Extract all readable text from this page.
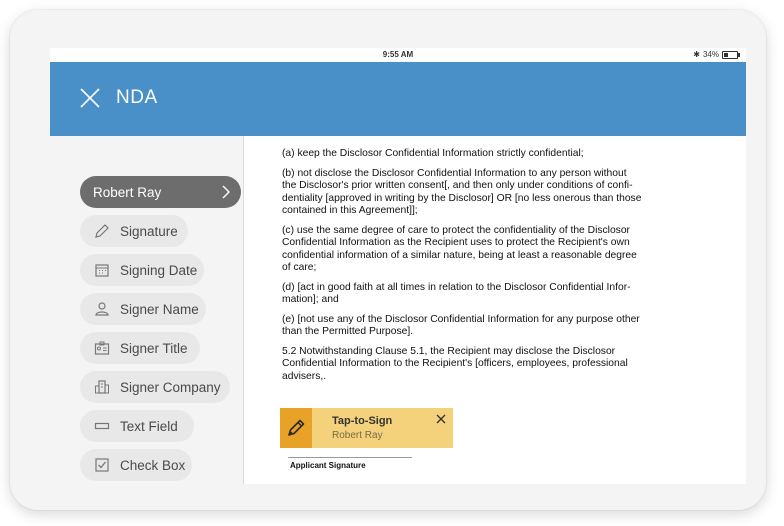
9:55 AM	✱ 34%
NDA
Robert Ray
Signature
Signing Date
Signer Name
Signer Title
Signer Company
Text Field
Check Box

(a) keep the Disclosor Confidential Information strictly confidential;

(b) not disclose the Disclosor Confidential Information to any person without the Disclosor's prior written consent[, and then only under conditions of confi-dentiality [approved in writing by the Disclosor] OR [no less onerous than those contained in this Agreement]];

(c) use the same degree of care to protect the confidentiality of the Disclosor Confidential Information as the Recipient uses to protect the Recipient's own confidential information of a similar nature, being at least a reasonable degree of care;

(d) [act in good faith at all times in relation to the Disclosor Confidential Infor-mation]; and

(e) [not use any of the Disclosor Confidential Information for any purpose other than the Permitted Purpose].

5.2 Notwithstanding Clause 5.1, the Recipient may disclose the Disclosor Confidential Information to the Recipient's [officers, employees, professional advisers,.

Tap-to-Sign
Robert Ray
Applicant Signature
